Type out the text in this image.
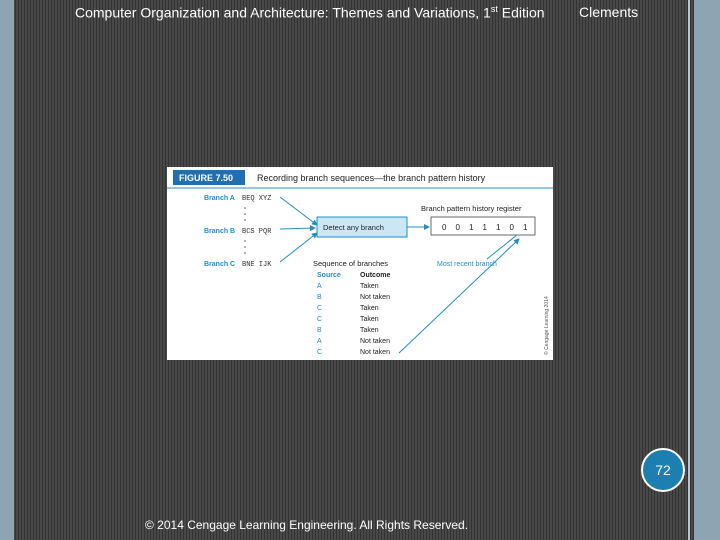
Computer Organization and Architecture: Themes and Variations, 1st Edition Clements
FIGURE 7.50	Recording branch sequences—the branch pattern history
Branch A BEQ XYZ
Branch B BCS PQR
Branch C BNE IJK
Detect any branch
Branch pattern history register
0 0 1 1 1 0 1
Most recent branch
Sequence of branches
Source	Outcome
A	Taken
B	Not taken
C	Taken
C	Taken
B	Taken
A	Not taken
C	Not taken	© Cengage Learning 2014
72
© 2014 Cengage Learning Engineering. All Rights Reserved.
